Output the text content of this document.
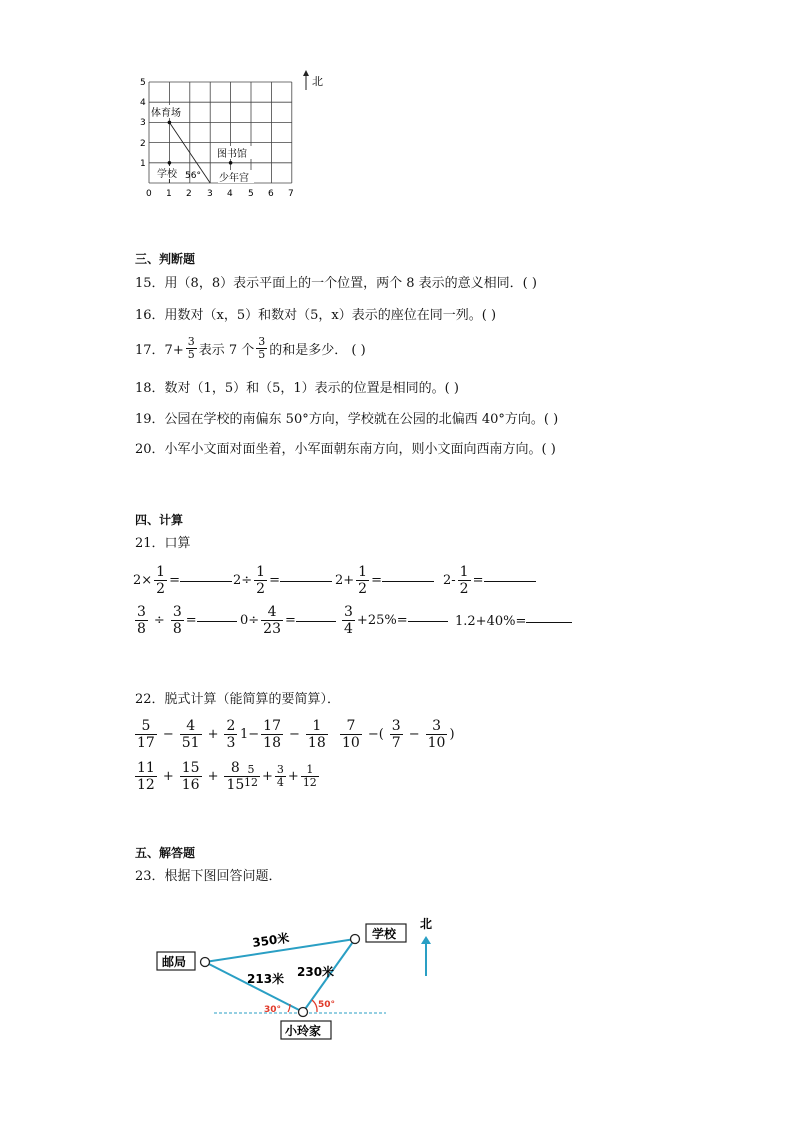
5
4
3
2
1
0 1 2 3 4 5 6 7
体育场
图书馆
学校 56° 少年宫
北
三、判断题
15．用（8，8）表示平面上的一个位置，两个 8 表示的意义相同．( )
16．用数对（x，5）和数对（5，x）表示的座位在同一列。( )
17．$7+ \frac{3}{5}$ 表示 7 个 $\frac{3}{5}$ 的和是多少． ( )
18．数对（1，5）和（5，1）表示的位置是相同的。( )
19．公园在学校的南偏东 50°方向，学校就在公园的北偏西 40°方向。( )
20．小军小文面对面坐着，小军面朝东南方向，则小文面向西南方向。( )
四、计算
21．口算
$2\times \frac{1}{2}$ =	$2\div \frac{1}{2}$ =	$2+ \frac{1}{2}$ =	$2- \frac{1}{2}$ =
$\frac{3}{8} \div \frac{3}{8}$ =	$0\div \frac{4}{23}$ =	$\frac{3}{4} +25\%=$	1.2+40%=
22．脱式计算（能简算的要简算）．
$\frac{5}{17} - \frac{4}{51} + \frac{2}{3} 1- \frac{17}{18} - \frac{1}{18} \frac{7}{10}$ −( $\frac{3}{7} - \frac{3}{10}$ )
$\frac{11}{12} + \frac{15}{16} + \frac{8}{15}$
$\frac{5}{12} + \frac{3}{4} + \frac{1}{12}$
五、解答题
23．根据下图回答问题．
邮局
学校
小玲家
350米
213米 230米
30°	50°
北
